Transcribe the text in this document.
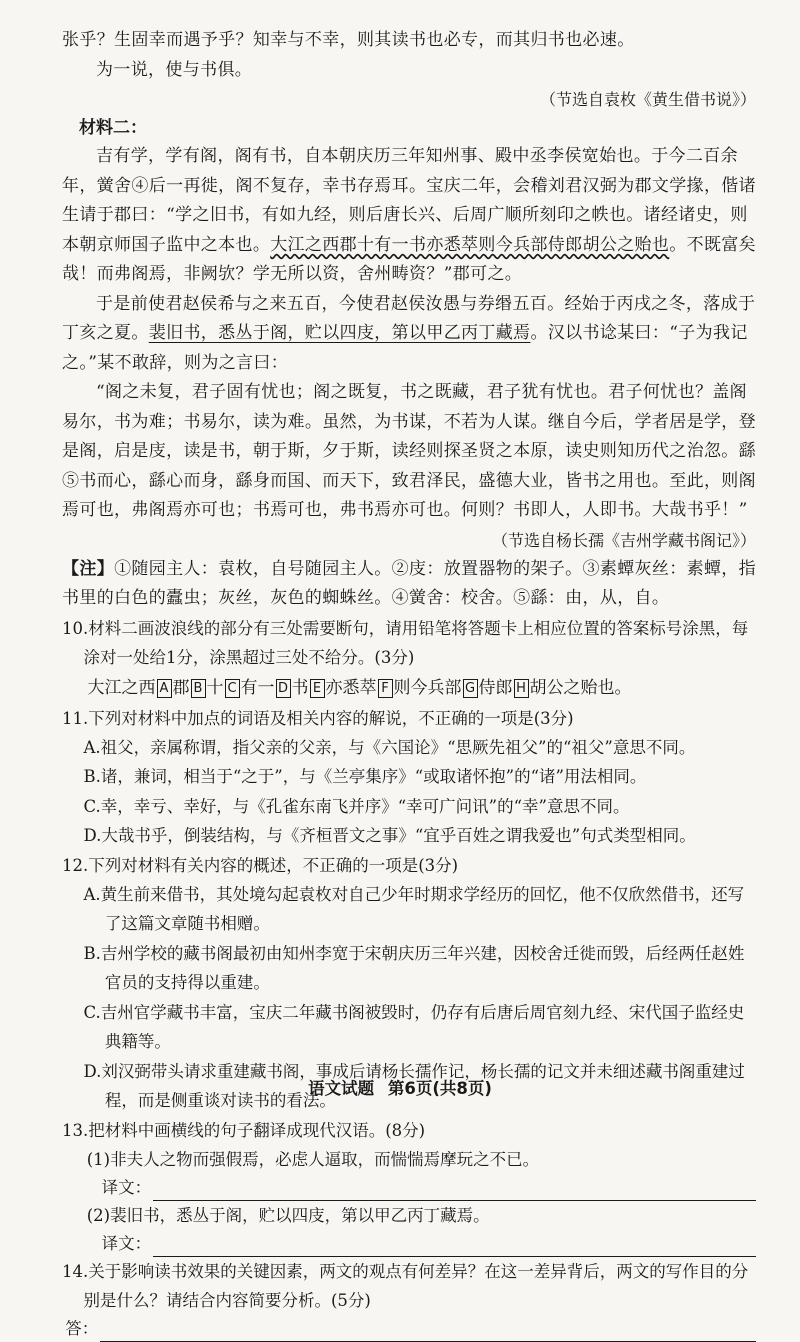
张乎？生固幸而遇予乎？知幸与不幸，则其读书也必专，而其归书也必速。

为一说，使与书俱。

（节选自袁枚《黄生借书说》）

材料二：

吉有学，学有阁，阁有书，自本朝庆历三年知州事、殿中丞李侯宽始也。于今二百余年，黉舍④后一再徙，阁不复存，幸书存焉耳。宝庆二年，会稽刘君汉弼为郡文学掾，偕诸生请于郡曰：“学之旧书，有如九经，则后唐长兴、后周广顺所刻印之帙也。诸经诸史，则本朝京师国子监中之本也。大江之西郡十有一书亦悉萃则今兵部侍郎胡公之贻也。不既富矣哉！而弗阁焉，非阙欤？学无所以资，舍州畴资？”郡可之。

于是前使君赵侯希与之来五百，今使君赵侯汝愚与券缗五百。经始于丙戌之冬，落成于丁亥之夏。裴旧书，悉丛于阁，贮以四庋，第以甲乙丙丁藏焉。汉以书谂某曰：“子为我记之。”某不敢辞，则为之言曰：

“阁之未复，君子固有忧也；阁之既复，书之既藏，君子犹有忧也。君子何忧也？盖阁易尔，书为难；书易尔，读为难。虽然，为书谋，不若为人谋。继自今后，学者居是学，登是阁，启是庋，读是书，朝于斯，夕于斯，读经则探圣贤之本原，读史则知历代之治忽。繇⑤书而心，繇心而身，繇身而国、而天下，致君泽民，盛德大业，皆书之用也。至此，则阁焉可也，弗阁焉亦可也；书焉可也，弗书焉亦可也。何则？书即人，人即书。大哉书乎！”

（节选自杨长孺《吉州学藏书阁记》）

【注】①随园主人：袁枚，自号随园主人。②庋：放置器物的架子。③素蟫灰丝：素蟫，指书里的白色的蠹虫；灰丝，灰色的蜘蛛丝。④黉舍：校舍。⑤繇：由，从，自。

10.材料二画波浪线的部分有三处需要断句，请用铅笔将答题卡上相应位置的答案标号涂黑，每涂对一处给1分，涂黑超过三处不给分。(3分)

大江之西 A 郡 B 十 C 有一 D 书 E 亦悉萃 F 则今兵部 G 侍郎 H 胡公之贻也。

11.下列对材料中加点的词语及相关内容的解说，不正确的一项是(3分)

A.祖父，亲属称谓，指父亲的父亲，与《六国论》“思厥先祖父”的“祖父”意思不同。

B.诸，兼词，相当于“之于”，与《兰亭集序》“或取诸怀抱”的“诸”用法相同。

C.幸，幸亏、幸好，与《孔雀东南飞并序》“幸可广问讯”的“幸”意思不同。

D.大哉书乎，倒装结构，与《齐桓晋文之事》“宜乎百姓之谓我爱也”句式类型相同。

12.下列对材料有关内容的概述，不正确的一项是(3分)

A.黄生前来借书，其处境勾起袁枚对自己少年时期求学经历的回忆，他不仅欣然借书，还写了这篇文章随书相赠。

B.吉州学校的藏书阁最初由知州李宽于宋朝庆历三年兴建，因校舍迁徙而毁，后经两任赵姓官员的支持得以重建。

C.吉州官学藏书丰富，宝庆二年藏书阁被毁时，仍存有后唐后周官刻九经、宋代国子监经史典籍等。

D.刘汉弼带头请求重建藏书阁，事成后请杨长孺作记，杨长孺的记文并未细述藏书阁重建过程，而是侧重谈对读书的看法。

13.把材料中画横线的句子翻译成现代汉语。(8分)

(1)非夫人之物而强假焉，必虑人逼取，而惴惴焉摩玩之不已。

译文：

(2)裴旧书，悉丛于阁，贮以四庋，第以甲乙丙丁藏焉。

译文：

14.关于影响读书效果的关键因素，两文的观点有何差异？在这一差异背后，两文的写作目的分别是什么？请结合内容简要分析。(5分)

答：
语文试题 第6页(共8页)
